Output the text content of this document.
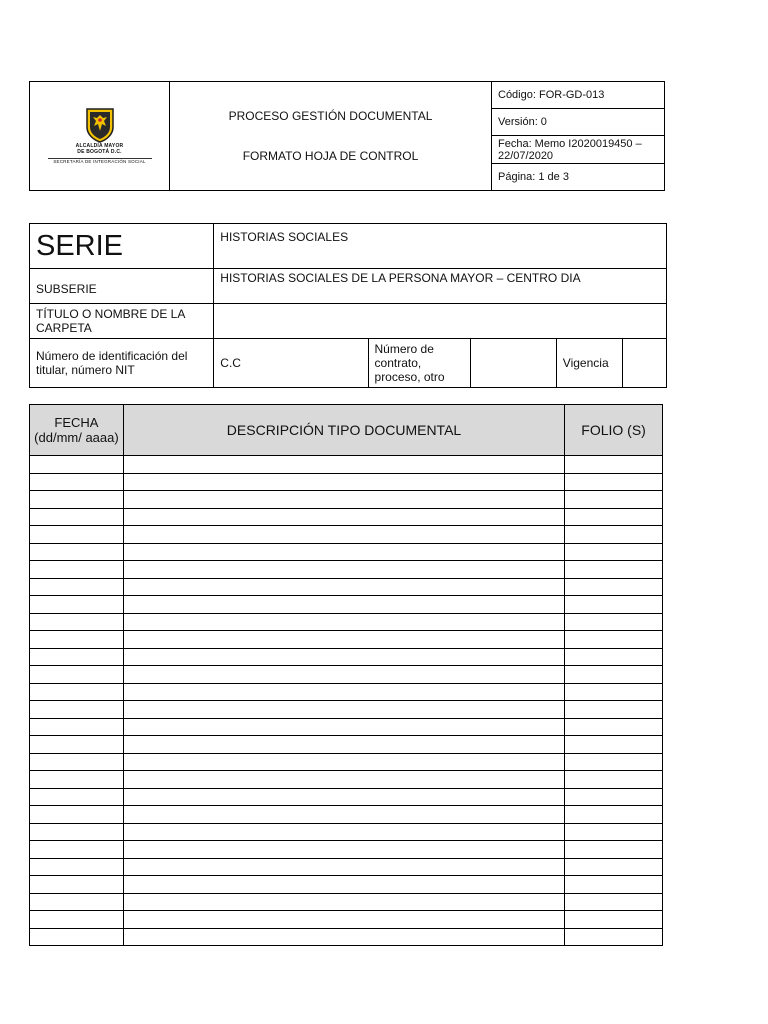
ALCALDÍA MAYOR
DE BOGOTÁ D.C.
SECRETARÍA DE INTEGRACIÓN SOCIAL

PROCESO GESTIÓN DOCUMENTAL
FORMATO HOJA DE CONTROL	Código: FOR-GD-013
Versión: 0
Fecha: Memo I2020019450 – 22/07/2020
Página: 1 de 3
SERIE	HISTORIAS SOCIALES				
SUBSERIE	HISTORIAS SOCIALES DE LA PERSONA MAYOR – CENTRO DIA				
TÍTULO O NOMBRE DE LA CARPETA					
Número de identificación del titular, número NIT	C.C	Número de contrato, proceso, otro		Vigencia	
FECHA (dd/mm/ aaaa)	DESCRIPCIÓN TIPO DOCUMENTAL	FOLIO (S)
